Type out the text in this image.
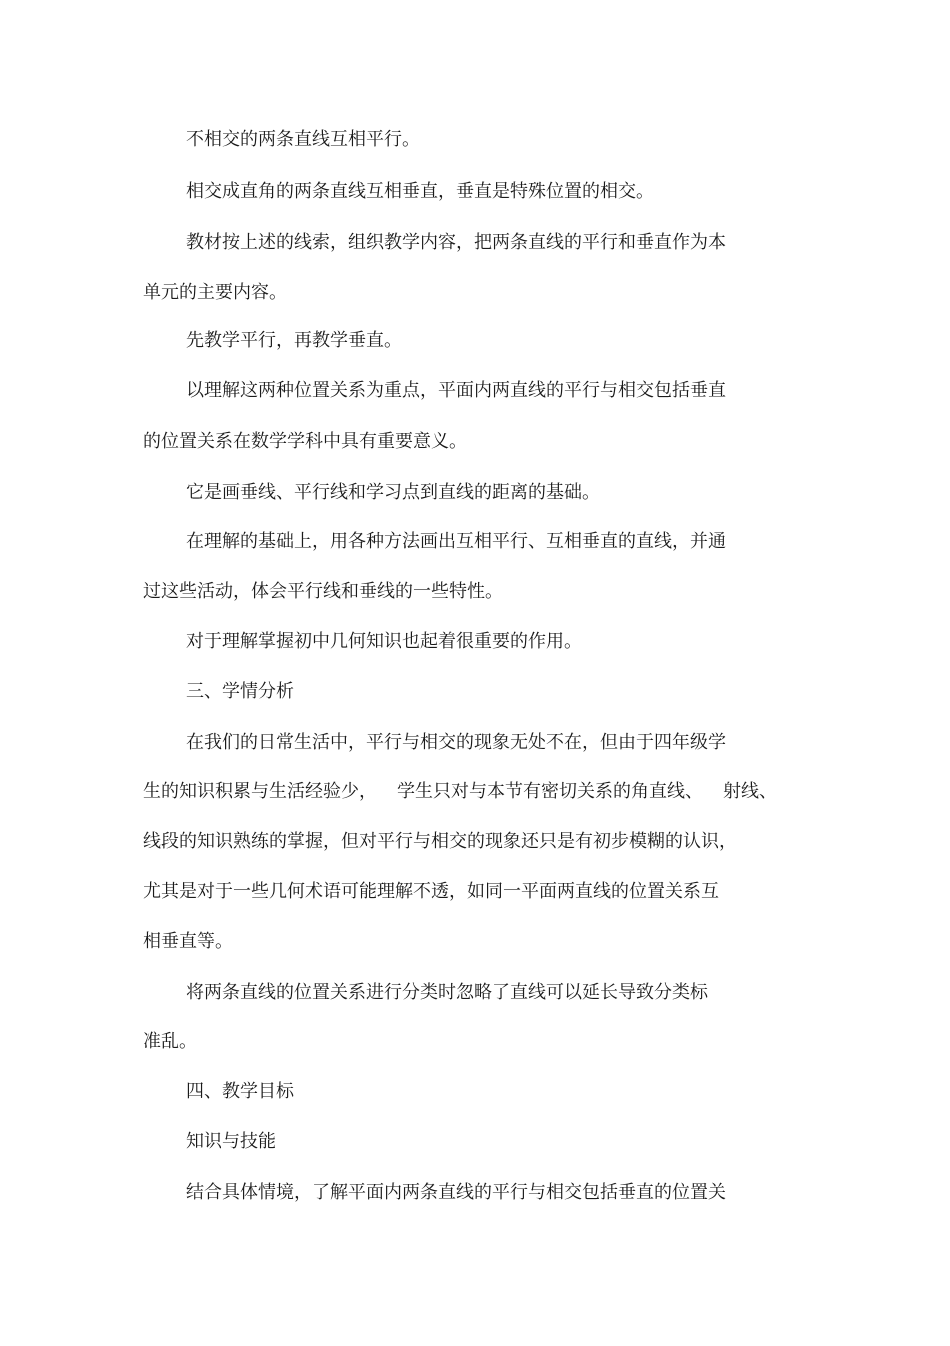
不相交的两条直线互相平行。
相交成直角的两条直线互相垂直，垂直是特殊位置的相交。
教材按上述的线索，组织教学内容，把两条直线的平行和垂直作为本
单元的主要内容。
先教学平行，再教学垂直。
以理解这两种位置关系为重点，平面内两直线的平行与相交包括垂直
的位置关系在数学学科中具有重要意义。
它是画垂线、平行线和学习点到直线的距离的基础。
在理解的基础上，用各种方法画出互相平行、互相垂直的直线，并通
过这些活动，体会平行线和垂线的一些特性。
对于理解掌握初中几何知识也起着很重要的作用。
三、学情分析
在我们的日常生活中，平行与相交的现象无处不在，但由于四年级学
生的知识积累与生活经验少， 学生只对与本节有密切关系的角直线、 射线、
线段的知识熟练的掌握，但对平行与相交的现象还只是有初步模糊的认识，
尤其是对于一些几何术语可能理解不透，如同一平面两直线的位置关系互
相垂直等。
将两条直线的位置关系进行分类时忽略了直线可以延长导致分类标
准乱。
四、教学目标
知识与技能
结合具体情境，了解平面内两条直线的平行与相交包括垂直的位置关
